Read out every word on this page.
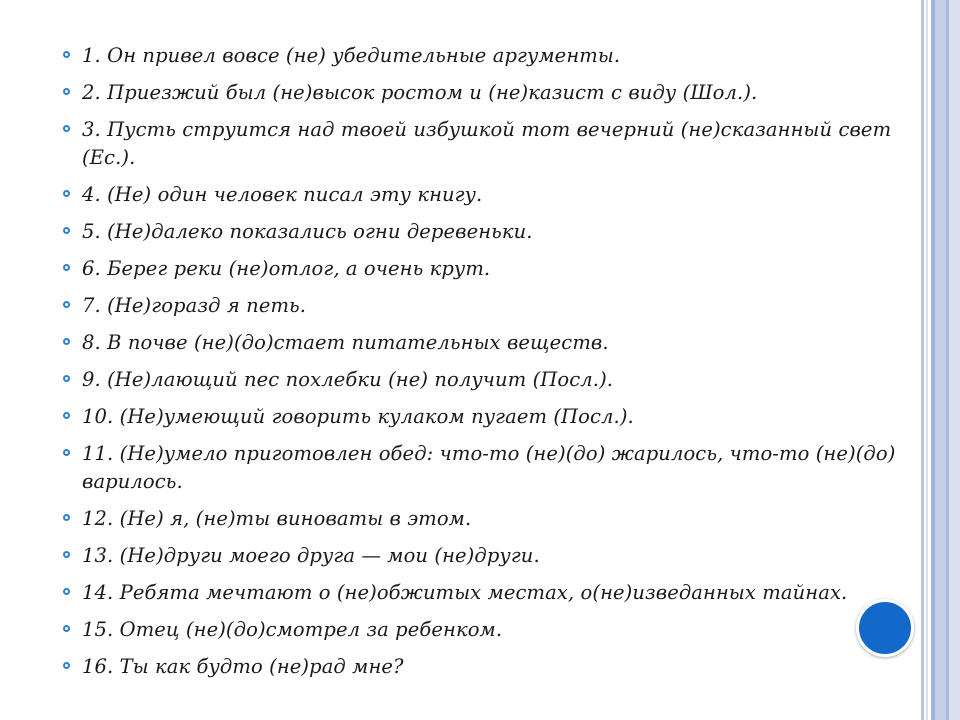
1. Он привел вовсе (не) убедительные аргументы.
2. Приезжий был (не)высок ростом и (не)казист с виду (Шол.).
3. Пусть струится над твоей избушкой тот вечерний (не)сказанный свет (Ес.).
4. (Не) один человек писал эту книгу.
5. (Не)далеко показались огни деревеньки.
6. Берег реки (не)отлог, а очень крут.
7. (Не)горазд я петь.
8. В почве (не)(до)стает питательных веществ.
9. (Не)лающий пес похлебки (не) получит (Посл.).
10. (Не)умеющий говорить кулаком пугает (Посл.).
11. (Не)умело приготовлен обед: что-то (не)(до) жарилось, что-то (не)(до) варилось.
12. (Не) я, (не)ты виноваты в этом.
13. (Не)други моего друга — мои (не)други.
14. Ребята мечтают о (не)обжитых местах, о(не)изведанных тайнах.
15. Отец (не)(до)смотрел за ребенком.
16. Ты как будто (не)рад мне?
